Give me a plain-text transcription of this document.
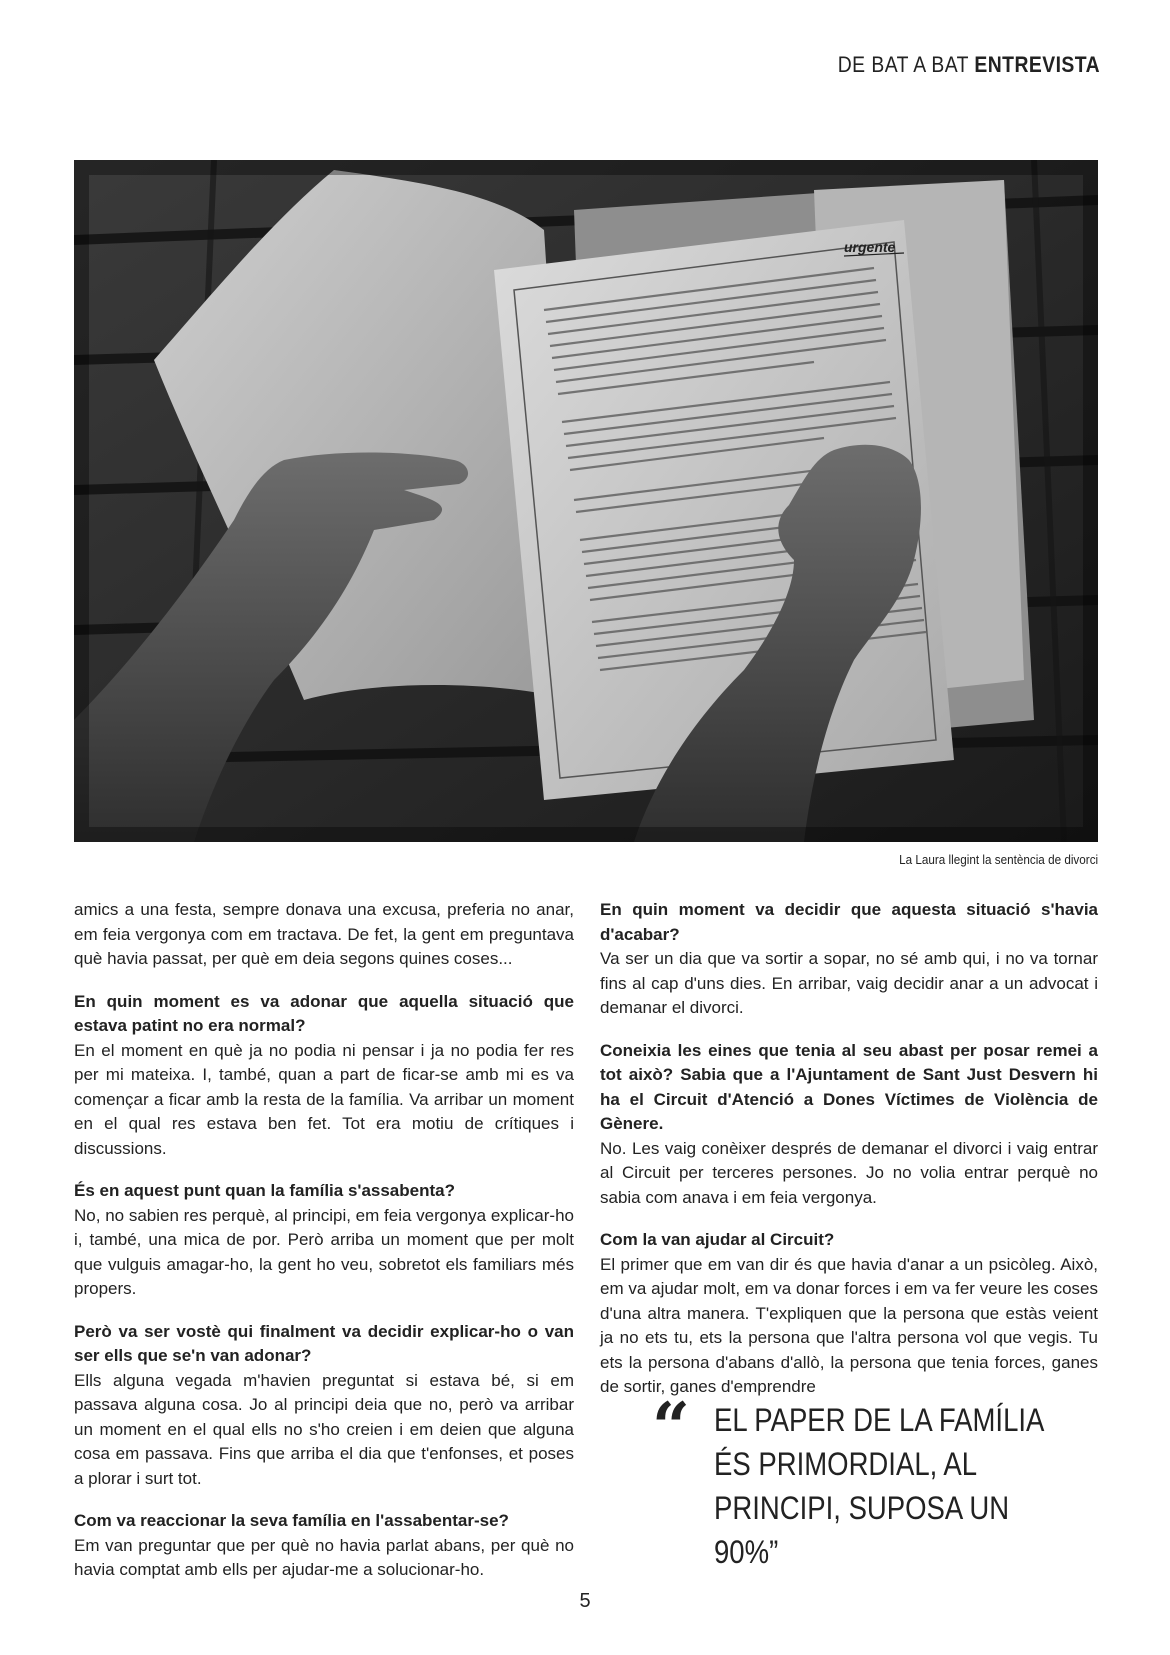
DE BAT A BAT ENTREVISTA
urgente
La Laura llegint la sentència de divorci
amics a una festa, sempre donava una excusa, preferia no anar, em feia vergonya com em tractava. De fet, la gent em preguntava què havia passat, per què em deia segons quines coses...
En quin moment es va adonar que aquella situació que estava patint no era normal?
En el moment en què ja no podia ni pensar i ja no podia fer res per mi mateixa. I, també, quan a part de ficar-se amb mi es va començar a ficar amb la resta de la família. Va arribar un moment en el qual res estava ben fet. Tot era motiu de crítiques i discussions.
És en aquest punt quan la família s'assabenta?
No, no sabien res perquè, al principi, em feia vergonya explicar-ho i, també, una mica de por. Però arriba un moment que per molt que vulguis amagar-ho, la gent ho veu, sobretot els familiars més propers.
Però va ser vostè qui finalment va decidir explicar-ho o van ser ells que se'n van adonar?
Ells alguna vegada m'havien preguntat si estava bé, si em passava alguna cosa. Jo al principi deia que no, però va arribar un moment en el qual ells no s'ho creien i em deien que alguna cosa em passava. Fins que arriba el dia que t'enfonses, et poses a plorar i surt tot.
Com va reaccionar la seva família en l'assabentar-se?
Em van preguntar que per què no havia parlat abans, per què no havia comptat amb ells per ajudar-me a solucionar-ho.
En quin moment va decidir que aquesta situació s'havia d'acabar?
Va ser un dia que va sortir a sopar, no sé amb qui, i no va tornar fins al cap d'uns dies. En arribar, vaig decidir anar a un advocat i demanar el divorci.
Coneixia les eines que tenia al seu abast per posar remei a tot això? Sabia que a l'Ajuntament de Sant Just Desvern hi ha el Circuit d'Atenció a Dones Víctimes de Violència de Gènere.
No. Les vaig conèixer després de demanar el divorci i vaig entrar al Circuit per terceres persones. Jo no volia entrar perquè no sabia com anava i em feia vergonya.
Com la van ajudar al Circuit?
El primer que em van dir és que havia d'anar a un psicòleg. Això, em va ajudar molt, em va donar forces i em va fer veure les coses d'una altra manera. T'expliquen que la persona que estàs veient ja no ets tu, ets la persona que l'altra persona vol que vegis. Tu ets la persona d'abans d'allò, la persona que tenia forces, ganes de sortir, ganes d'emprendre
“ EL PAPER DE LA FAMÍLIA ÉS PRIMORDIAL, AL PRINCIPI, SUPOSA UN 90%”
5
